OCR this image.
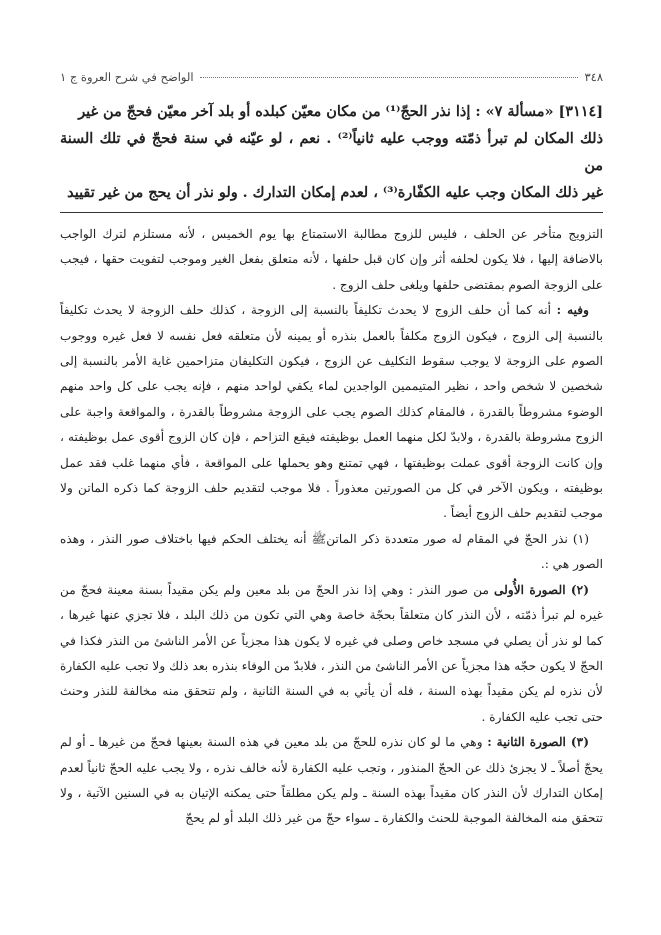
٣٤٨
الواضح في شرح العروة ج ١

[٣١١٤] «مسألة ٧» : إذا نذر الحجّ⁽¹⁾ من مكان معيّن كبلده أو بلد آخر معيّن فحجّ من غير

ذلك المكان لم تبرأ ذمّته ووجب عليه ثانياً⁽²⁾ . نعم ، لو عيّنه في سنة فحجّ في تلك السنة من

غير ذلك المكان وجب عليه الكفّارة⁽³⁾ ، لعدم إمكان التدارك . ولو نذر أن يحج من غير تقييد

التزويج متأخر عن الحلف ، فليس للزوج مطالبة الاستمتاع بها يوم الخميس ، لأنه مستلزم لترك الواجب بالاضافة إليها ، فلا يكون لحلفه أثر وإن كان قبل حلفها ، لأنه متعلق بفعل الغير وموجب لتفويت حقها ، فيجب على الزوجة الصوم بمقتضى حلفها ويلغى حلف الزوج .

وفيه : أنه كما أن حلف الزوج لا يحدث تكليفاً بالنسبة إلى الزوجة ، كذلك حلف الزوجة لا يحدث تكليفاً بالنسبة إلى الزوج ، فيكون الزوج مكلفاً بالعمل بنذره أو يمينه لأن متعلقه فعل نفسه لا فعل غيره ووجوب الصوم على الزوجة لا يوجب سقوط التكليف عن الزوج ، فيكون التكليفان متزاحمين غاية الأمر بالنسبة إلى شخصين لا شخص واحد ، نظير المتيممين الواجدين لماء يكفي لواحد منهم ، فإنه يجب على كل واحد منهم الوضوء مشروطاً بالقدرة ، فالمقام كذلك الصوم يجب على الزوجة مشروطاً بالقدرة ، والمواقعة واجبة على الزوج مشروطة بالقدرة ، ولابدّ لكل منهما العمل بوظيفته فيقع التزاحم ، فإن كان الزوج أقوى عمل بوظيفته ، وإن كانت الزوجة أقوى عملت بوظيفتها ، فهي تمتنع وهو يحملها على المواقعة ، فأي منهما غلب فقد عمل بوظيفته ، ويكون الآخر في كل من الصورتين معذوراً . فلا موجب لتقديم حلف الزوجة كما ذكره الماتن ولا موجب لتقديم حلف الزوج أيضاً .

(١) نذر الحجّ في المقام له صور متعددة ذكر الماتنﷺ أنه يختلف الحكم فيها باختلاف صور النذر ، وهذه الصور هي :.

(٢) الصورة الأُولى من صور النذر : وهي إذا نذر الحجّ من بلد معين ولم يكن مقيداً بسنة معينة فحجّ من غيره لم تبرأ ذمّته ، لأن النذر كان متعلقاً بحجّة خاصة وهي التي تكون من ذلك البلد ، فلا تجزي عنها غيرها ، كما لو نذر أن يصلي في مسجد خاص وصلى في غيره لا يكون هذا مجزياً عن الأمر الناشئ من النذر فكذا في الحجّ لا يكون حجّه هذا مجزياً عن الأمر الناشئ من النذر ، فلابدّ من الوفاء بنذره بعد ذلك ولا تجب عليه الكفارة لأن نذره لم يكن مقيداً بهذه السنة ، فله أن يأتي به في السنة الثانية ، ولم تتحقق منه مخالفة للنذر وحنث حتى تجب عليه الكفارة .

(٣) الصورة الثانية : وهي ما لو كان نذره للحجّ من بلد معين في هذه السنة بعينها فحجّ من غيرها ـ أو لم يحجّ أصلاً ـ لا يجزئ ذلك عن الحجّ المنذور ، وتجب عليه الكفارة لأنه خالف نذره ، ولا يجب عليه الحجّ ثانياً لعدم إمكان التدارك لأن النذر كان مقيداً بهذه السنة ـ ولم يكن مطلقاً حتى يمكنه الإتيان به في السنين الآتية ، ولا تتحقق منه المخالفة الموجبة للحنث والكفارة ـ سواء حجّ من غير ذلك البلد أو لم يحجّ
